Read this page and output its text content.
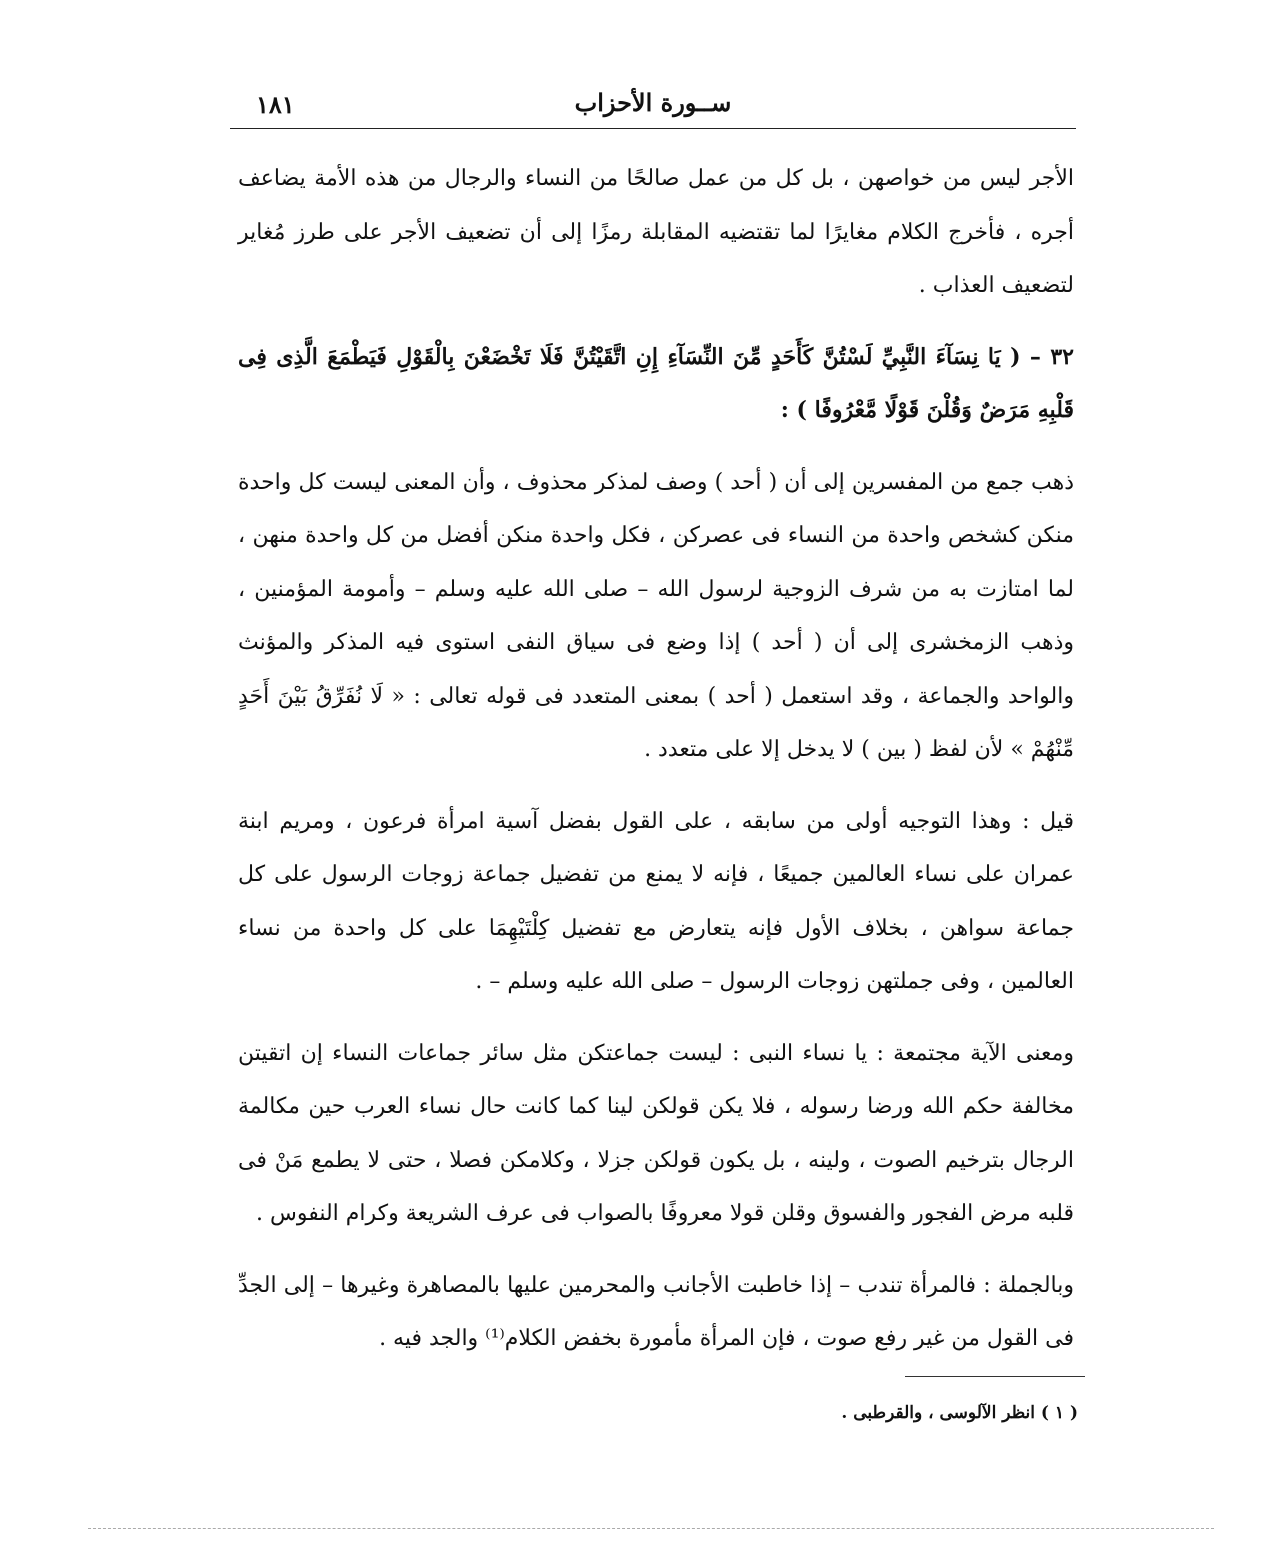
ســورة الأحزاب
١٨١

الأجر ليس من خواصهن ، بل كل من عمل صالحًا من النساء والرجال من هذه الأمة يضاعف أجره ، فأخرج الكلام مغايرًا لما تقتضيه المقابلة رمزًا إلى أن تضعيف الأجر على طرز مُغاير لتضعيف العذاب .

٣٢ – ( يَا نِسَآءَ النَّبِيِّ لَسْتُنَّ كَأَحَدٍ مِّنَ النِّسَآءِ إِنِ اتَّقَيْتُنَّ فَلَا تَخْضَعْنَ بِالْقَوْلِ فَيَطْمَعَ الَّذِى فِى قَلْبِهِ مَرَضٌ وَقُلْنَ قَوْلًا مَّعْرُوفًا ) :

ذهب جمع من المفسرين إلى أن ( أحد ) وصف لمذكر محذوف ، وأن المعنى ليست كل واحدة منكن كشخص واحدة من النساء فى عصركن ، فكل واحدة منكن أفضل من كل واحدة منهن ، لما امتازت به من شرف الزوجية لرسول الله – صلى الله عليه وسلم – وأمومة المؤمنين ، وذهب الزمخشرى إلى أن ( أحد ) إذا وضع فى سياق النفى استوى فيه المذكر والمؤنث والواحد والجماعة ، وقد استعمل ( أحد ) بمعنى المتعدد فى قوله تعالى : « لَا نُفَرِّقُ بَيْنَ أَحَدٍ مِّنْهُمْ » لأن لفظ ( بين ) لا يدخل إلا على متعدد .

قيل : وهذا التوجيه أولى من سابقه ، على القول بفضل آسية امرأة فرعون ، ومريم ابنة عمران على نساء العالمين جميعًا ، فإنه لا يمنع من تفضيل جماعة زوجات الرسول على كل جماعة سواهن ، بخلاف الأول فإنه يتعارض مع تفضيل كِلْتَيْهِمَا على كل واحدة من نساء العالمين ، وفى جملتهن زوجات الرسول – صلى الله عليه وسلم – .

ومعنى الآية مجتمعة : يا نساء النبى : ليست جماعتكن مثل سائر جماعات النساء إن اتقيتن مخالفة حكم الله ورضا رسوله ، فلا يكن قولكن لينا كما كانت حال نساء العرب حين مكالمة الرجال بترخيم الصوت ، ولينه ، بل يكون قولكن جزلا ، وكلامكن فصلا ، حتى لا يطمع مَنْ فى قلبه مرض الفجور والفسوق وقلن قولا معروفًا بالصواب فى عرف الشريعة وكرام النفوس .

وبالجملة : فالمرأة تندب – إذا خاطبت الأجانب والمحرمين عليها بالمصاهرة وغيرها – إلى الجدِّ فى القول من غير رفع صوت ، فإن المرأة مأمورة بخفض الكلام⁽¹⁾ والجد فيه .

( ١ ) انظر الآلوسى ، والقرطبى .
